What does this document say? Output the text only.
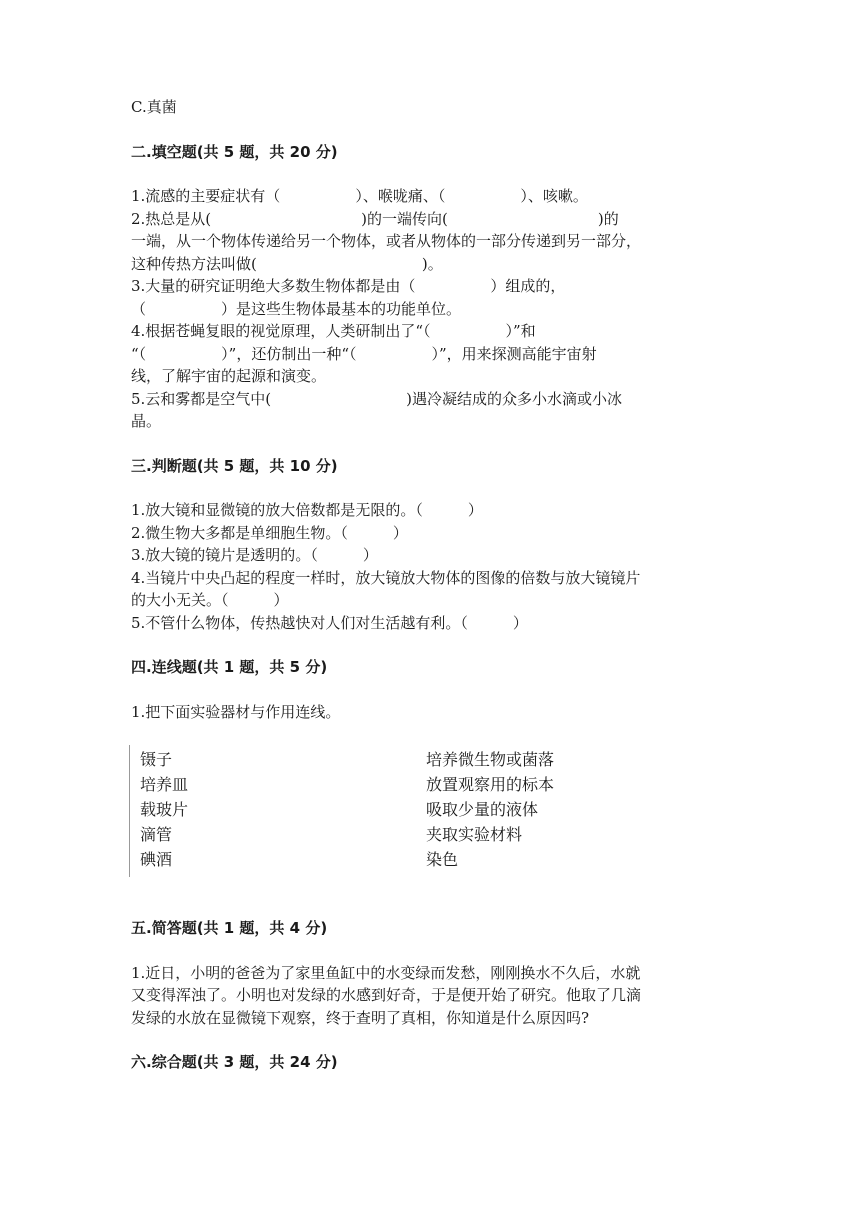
C.真菌

二.填空题(共 5 题，共 20 分)

1.流感的主要症状有（　　　　　）、喉咙痛、（　　　　　）、咳嗽。

2.热总是从(　　　　　　　　　　)的一端传向(　　　　　　　　　　)的

一端，从一个物体传递给另一个物体，或者从物体的一部分传递到另一部分，

这种传热方法叫做(　　　　　　　　　　　)。

3.大量的研究证明绝大多数生物体都是由（　　　　　）组成的，

（　　　　　）是这些生物体最基本的功能单位。

4.根据苍蝇复眼的视觉原理，人类研制出了“（　　　　　）”和

“（　　　　　）”，还仿制出一种“（　　　　　）”，用来探测高能宇宙射

线，了解宇宙的起源和演变。

5.云和雾都是空气中(　　　　　　　　　)遇冷凝结成的众多小水滴或小冰

晶。

三.判断题(共 5 题，共 10 分)

1.放大镜和显微镜的放大倍数都是无限的。（　　　）

2.微生物大多都是单细胞生物。（　　　）

3.放大镜的镜片是透明的。（　　　）

4.当镜片中央凸起的程度一样时，放大镜放大物体的图像的倍数与放大镜镜片

的大小无关。（　　　）

5.不管什么物体，传热越快对人们对生活越有利。（　　　）

四.连线题(共 1 题，共 5 分)

1.把下面实验器材与作用连线。

镊子
培养皿
载玻片
滴管
碘酒
培养微生物或菌落
放置观察用的标本
吸取少量的液体
夹取实验材料
染色

五.简答题(共 1 题，共 4 分)

1.近日，小明的爸爸为了家里鱼缸中的水变绿而发愁，刚刚换水不久后，水就

又变得浑浊了。小明也对发绿的水感到好奇，于是便开始了研究。他取了几滴

发绿的水放在显微镜下观察，终于查明了真相，你知道是什么原因吗?

六.综合题(共 3 题，共 24 分)
